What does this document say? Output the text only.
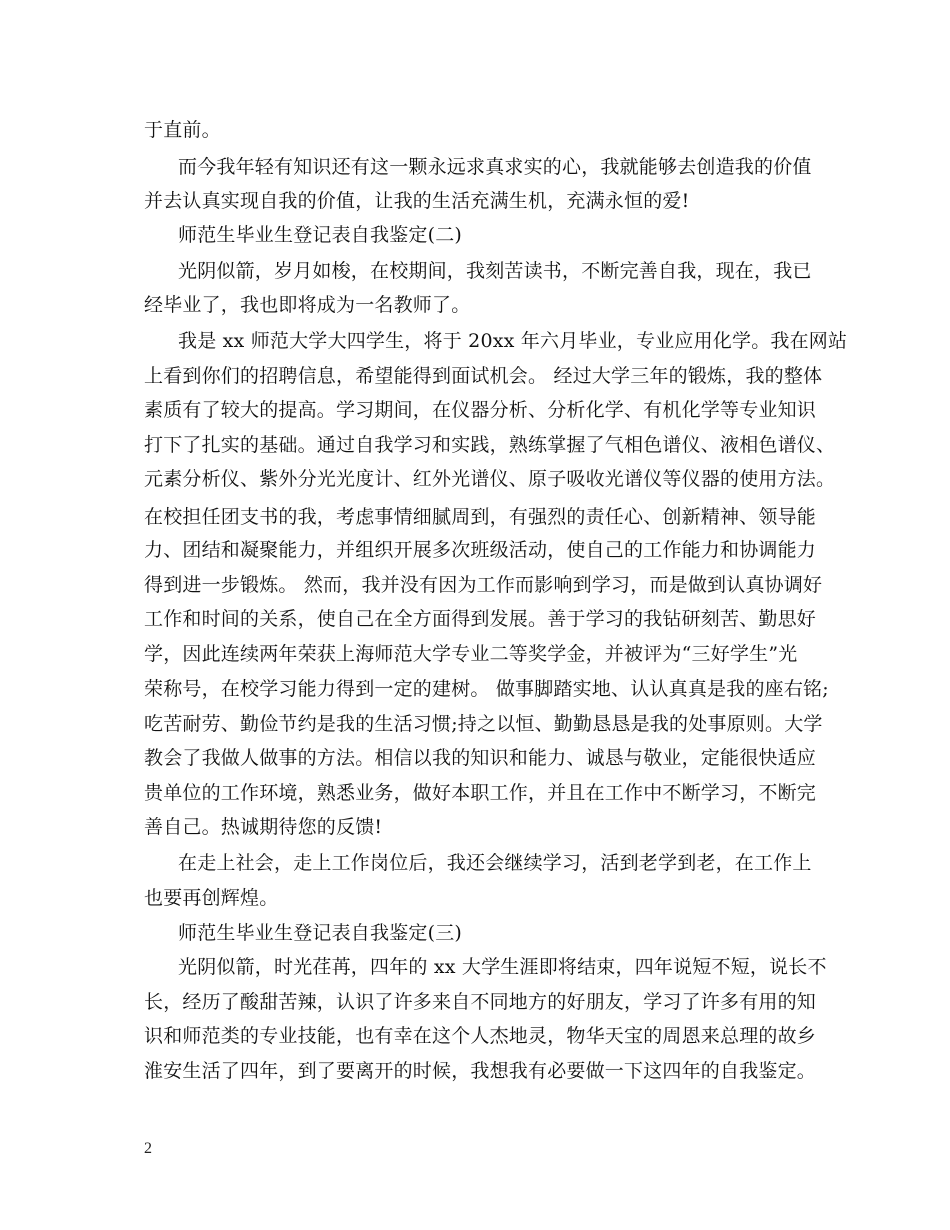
于直前。
而今我年轻有知识还有这一颗永远求真求实的心，我就能够去创造我的价值
并去认真实现自我的价值，让我的生活充满生机，充满永恒的爱!
师范生毕业生登记表自我鉴定(二)
光阴似箭，岁月如梭，在校期间，我刻苦读书，不断完善自我，现在，我已
经毕业了，我也即将成为一名教师了。
我是 xx 师范大学大四学生，将于 20xx 年六月毕业，专业应用化学。我在网站
上看到你们的招聘信息，希望能得到面试机会。 经过大学三年的锻炼，我的整体
素质有了较大的提高。学习期间，在仪器分析、分析化学、有机化学等专业知识
打下了扎实的基础。通过自我学习和实践，熟练掌握了气相色谱仪、液相色谱仪、
元素分析仪、紫外分光光度计、红外光谱仪、原子吸收光谱仪等仪器的使用方法。
在校担任团支书的我，考虑事情细腻周到，有强烈的责任心、创新精神、领导能
力、团结和凝聚能力，并组织开展多次班级活动，使自己的工作能力和协调能力
得到进一步锻炼。 然而，我并没有因为工作而影响到学习，而是做到认真协调好
工作和时间的关系，使自己在全方面得到发展。善于学习的我钻研刻苦、勤思好
学，因此连续两年荣获上海师范大学专业二等奖学金，并被评为“三好学生”光
荣称号，在校学习能力得到一定的建树。 做事脚踏实地、认认真真是我的座右铭;
吃苦耐劳、勤俭节约是我的生活习惯;持之以恒、勤勤恳恳是我的处事原则。大学
教会了我做人做事的方法。相信以我的知识和能力、诚恳与敬业，定能很快适应
贵单位的工作环境，熟悉业务，做好本职工作，并且在工作中不断学习，不断完
善自己。热诚期待您的反馈!
在走上社会，走上工作岗位后，我还会继续学习，活到老学到老，在工作上
也要再创辉煌。
师范生毕业生登记表自我鉴定(三)
光阴似箭，时光荏苒，四年的 xx 大学生涯即将结束，四年说短不短，说长不
长，经历了酸甜苦辣，认识了许多来自不同地方的好朋友，学习了许多有用的知
识和师范类的专业技能，也有幸在这个人杰地灵，物华天宝的周恩来总理的故乡
淮安生活了四年，到了要离开的时候，我想我有必要做一下这四年的自我鉴定。
2
